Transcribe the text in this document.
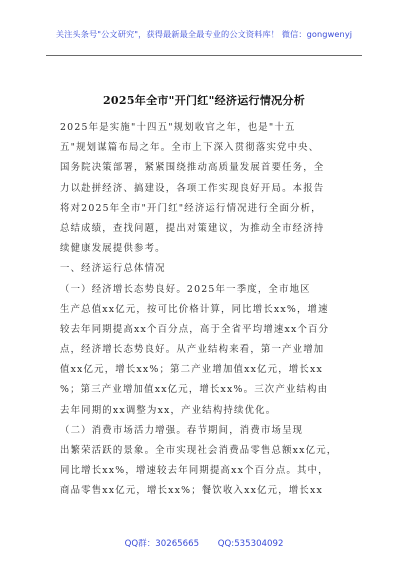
关注头条号"公文研究"，获得最新最全最专业的公文资料库！ 微信：gongwenyj
2025年全市"开门红"经济运行情况分析
2025年是实施"十四五"规划收官之年，也是"十五
五"规划谋篇布局之年。全市上下深入贯彻落实党中央、
国务院决策部署，紧紧围绕推动高质量发展首要任务，全
力以赴拼经济、搞建设，各项工作实现良好开局。本报告
将对2025年全市"开门红"经济运行情况进行全面分析，
总结成绩，查找问题，提出对策建议，为推动全市经济持
续健康发展提供参考。
一、经济运行总体情况
（一）经济增长态势良好。2025年一季度，全市地区
生产总值xx亿元，按可比价格计算，同比增长xx%，增速
较去年同期提高xx个百分点，高于全省平均增速xx个百分
点，经济增长态势良好。从产业结构来看，第一产业增加
值xx亿元，增长xx%；第二产业增加值xx亿元，增长xx
%；第三产业增加值xx亿元，增长xx%。三次产业结构由
去年同期的xx调整为xx，产业结构持续优化。
（二）消费市场活力增强。春节期间，消费市场呈现
出繁荣活跃的景象。全市实现社会消费品零售总额xx亿元，
同比增长xx%，增速较去年同期提高xx个百分点。其中，
商品零售xx亿元，增长xx%；餐饮收入xx亿元，增长xx
QQ群：30265665 QQ:535304092
